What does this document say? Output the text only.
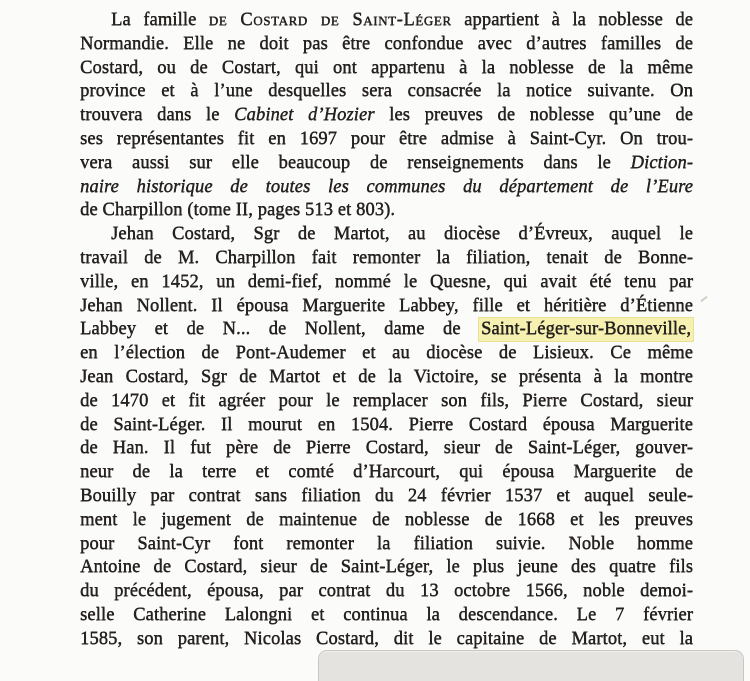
La famille de Costard de Saint-Léger appartient à la noblesse de
Normandie. Elle ne doit pas être confondue avec d’autres familles de
Costard, ou de Costart, qui ont appartenu à la noblesse de la même
province et à l’une desquelles sera consacrée la notice suivante. On
trouvera dans le Cabinet d’Hozier les preuves de noblesse qu’une de
ses représentantes fit en 1697 pour être admise à Saint-Cyr. On trou-
vera aussi sur elle beaucoup de renseignements dans le Diction-
naire historique de toutes les communes du département de l’Eure
de Charpillon (tome II, pages 513 et 803).
Jehan Costard, Sgr de Martot, au diocèse d’Évreux, auquel le
travail de M. Charpillon fait remonter la filiation, tenait de Bonne-
ville, en 1452, un demi-fief, nommé le Quesne, qui avait été tenu par
Jehan Nollent. Il épousa Marguerite Labbey, fille et héritière d’Étienne
Labbey et de N... de Nollent, dame de Saint-Léger-sur-Bonneville,
en l’élection de Pont-Audemer et au diocèse de Lisieux. Ce même
Jean Costard, Sgr de Martot et de la Victoire, se présenta à la montre
de 1470 et fit agréer pour le remplacer son fils, Pierre Costard, sieur
de Saint-Léger. Il mourut en 1504. Pierre Costard épousa Marguerite
de Han. Il fut père de Pierre Costard, sieur de Saint-Léger, gouver-
neur de la terre et comté d’Harcourt, qui épousa Marguerite de
Bouilly par contrat sans filiation du 24 février 1537 et auquel seule-
ment le jugement de maintenue de noblesse de 1668 et les preuves
pour Saint-Cyr font remonter la filiation suivie. Noble homme
Antoine de Costard, sieur de Saint-Léger, le plus jeune des quatre fils
du précédent, épousa, par contrat du 13 octobre 1566, noble demoi-
selle Catherine Lalongni et continua la descendance. Le 7 février
1585, son parent, Nicolas Costard, dit le capitaine de Martot, eut la
